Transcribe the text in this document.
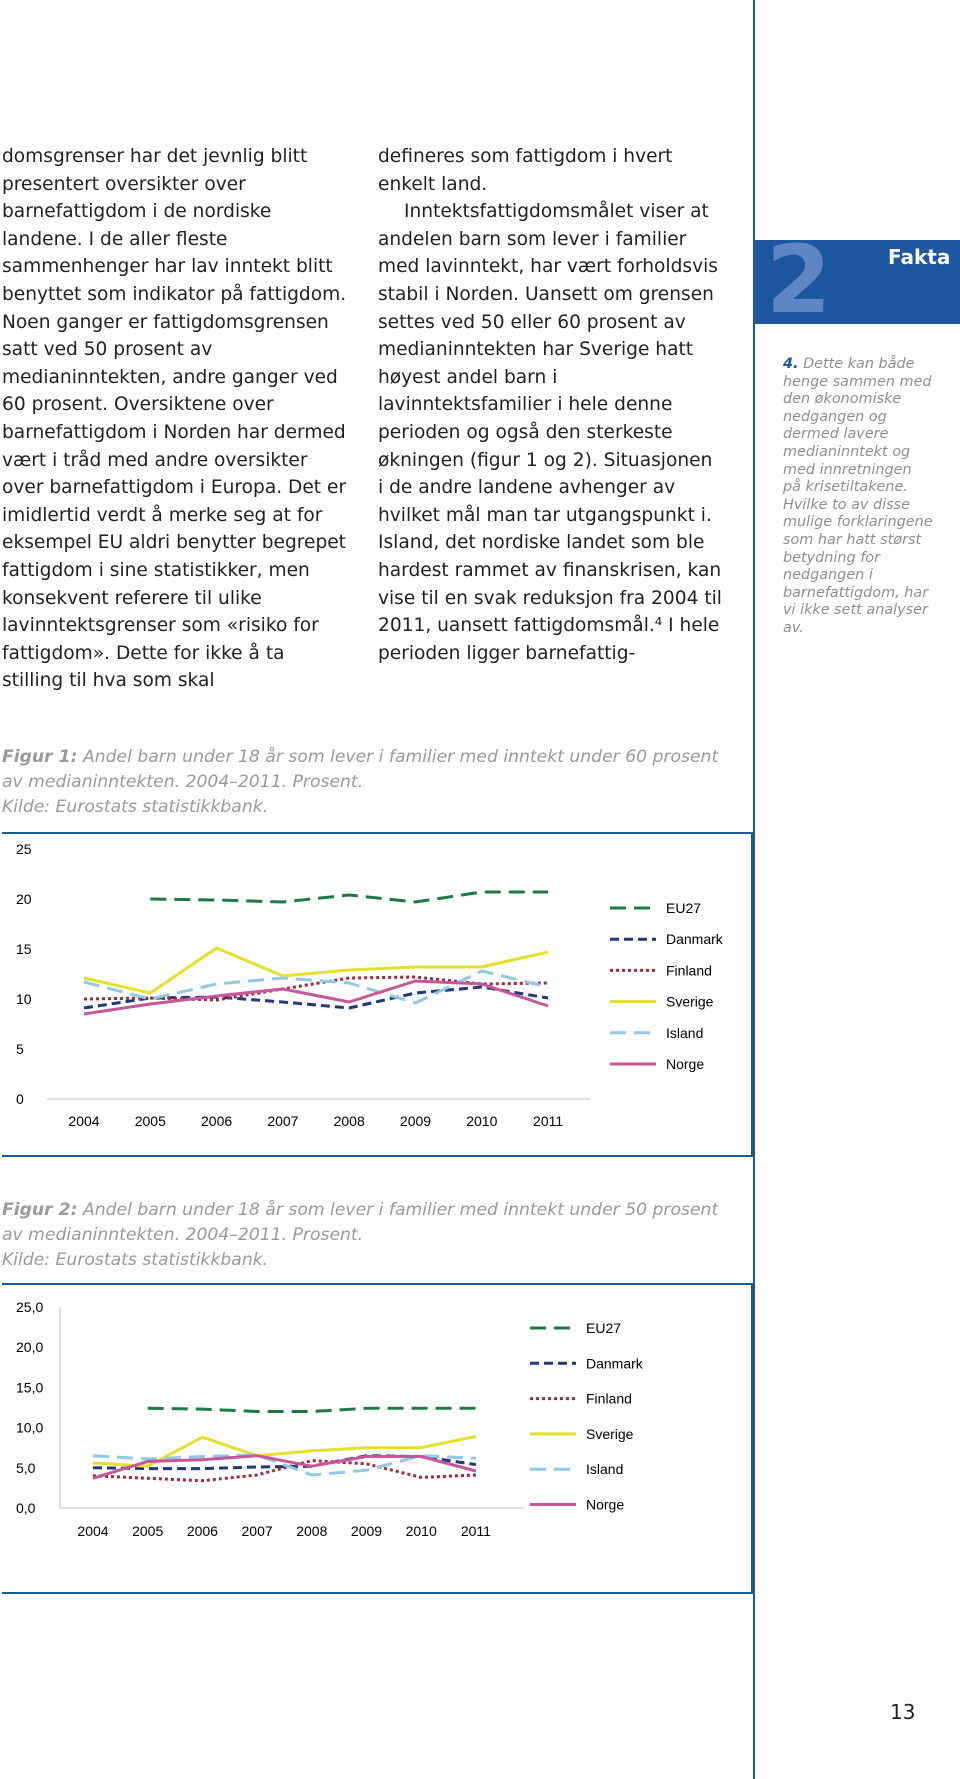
domsgrenser har det jevnlig blitt presentert oversikter over barnefattigdom i de nordiske landene. I de aller fleste sammenhenger har lav inntekt blitt benyttet som indikator på fattigdom. Noen ganger er fattigdomsgrensen satt ved 50 prosent av medianinntekten, andre ganger ved 60 prosent. Oversiktene over barnefattigdom i Norden har dermed vært i tråd med andre oversikter over barnefattigdom i Europa. Det er imidlertid verdt å merke seg at for eksempel EU aldri benytter begrepet fattigdom i sine statistikker, men konsekvent referere til ulike lavinntektsgrenser som «risiko for fattigdom». Dette for ikke å ta stilling til hva som skal

defineres som fattigdom i hvert enkelt land.

Inntektsfattigdomsmålet viser at andelen barn som lever i familier med lavinntekt, har vært forholdsvis stabil i Norden. Uansett om grensen settes ved 50 eller 60 prosent av medianinntekten har Sverige hatt høyest andel barn i lavinntektsfamilier i hele denne perioden og også den sterkeste økningen (figur 1 og 2). Situasjonen i de andre landene avhenger av hvilket mål man tar utgangspunkt i. Island, det nordiske landet som ble hardest rammet av finanskrisen, kan vise til en svak reduksjon fra 2004 til 2011, uansett fattigdomsmål.⁴ I hele perioden ligger barnefattig-

2	Fakta
4. Dette kan både henge sammen med den økonomiske nedgangen og dermed lavere medianinntekt og med innretningen på krisetiltakene. Hvilke to av disse mulige forklaringene som har hatt størst betydning for nedgangen i barnefattigdom, har vi ikke sett analyser av.
Figur 1: Andel barn under 18 år som lever i familier med inntekt under 60 prosent av medianinntekten. 2004–2011. Prosent.
Kilde: Eurostats statistikkbank.
0
5
10
15
20
25
2004	2005	2006	2007	2008	2009	2010	2011
EU27
Danmark
Finland
Sverige
Island
Norge
Figur 2: Andel barn under 18 år som lever i familier med inntekt under 50 prosent av medianinntekten. 2004–2011. Prosent.
Kilde: Eurostats statistikkbank.
0,0
5,0
10,0
15,0
20,0
25,0
2004 2005 2006 2007 2008 2009 2010 2011
EU27
Danmark
Finland
Sverige
Island
Norge
13
